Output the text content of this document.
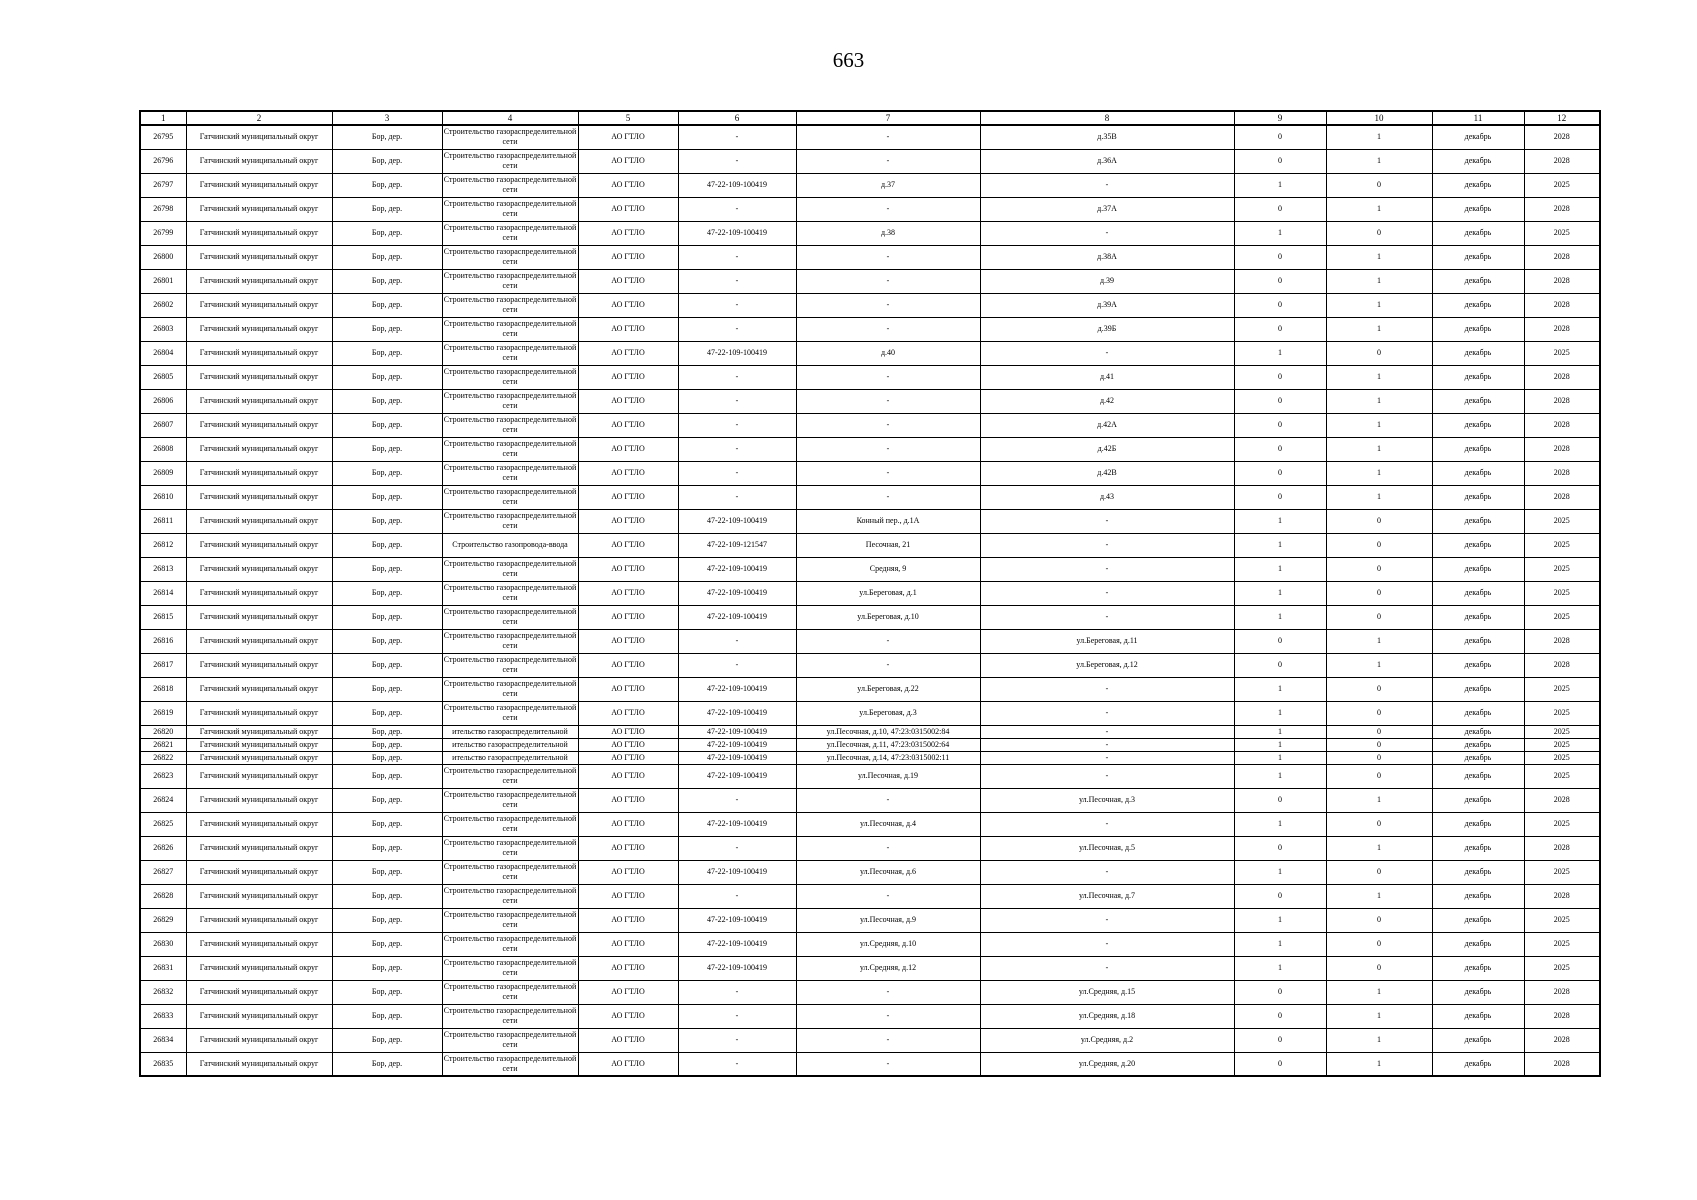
663
1	2	3	4	5	6	7	8	9	10	11	12
26795	Гатчинский муниципальный округ	Бор, дер.	Строительство газораспределительной сети	АО ГТЛО	-	-	д.35В	0	1	декабрь	2028
26796	Гатчинский муниципальный округ	Бор, дер.	Строительство газораспределительной сети	АО ГТЛО	-	-	д.36А	0	1	декабрь	2028
26797	Гатчинский муниципальный округ	Бор, дер.	Строительство газораспределительной сети	АО ГТЛО	47-22-109-100419	д.37	-	1	0	декабрь	2025
26798	Гатчинский муниципальный округ	Бор, дер.	Строительство газораспределительной сети	АО ГТЛО	-	-	д.37А	0	1	декабрь	2028
26799	Гатчинский муниципальный округ	Бор, дер.	Строительство газораспределительной сети	АО ГТЛО	47-22-109-100419	д.38	-	1	0	декабрь	2025
26800	Гатчинский муниципальный округ	Бор, дер.	Строительство газораспределительной сети	АО ГТЛО	-	-	д.38А	0	1	декабрь	2028
26801	Гатчинский муниципальный округ	Бор, дер.	Строительство газораспределительной сети	АО ГТЛО	-	-	д.39	0	1	декабрь	2028
26802	Гатчинский муниципальный округ	Бор, дер.	Строительство газораспределительной сети	АО ГТЛО	-	-	д.39А	0	1	декабрь	2028
26803	Гатчинский муниципальный округ	Бор, дер.	Строительство газораспределительной сети	АО ГТЛО	-	-	д.39Б	0	1	декабрь	2028
26804	Гатчинский муниципальный округ	Бор, дер.	Строительство газораспределительной сети	АО ГТЛО	47-22-109-100419	д.40	-	1	0	декабрь	2025
26805	Гатчинский муниципальный округ	Бор, дер.	Строительство газораспределительной сети	АО ГТЛО	-	-	д.41	0	1	декабрь	2028
26806	Гатчинский муниципальный округ	Бор, дер.	Строительство газораспределительной сети	АО ГТЛО	-	-	д.42	0	1	декабрь	2028
26807	Гатчинский муниципальный округ	Бор, дер.	Строительство газораспределительной сети	АО ГТЛО	-	-	д.42А	0	1	декабрь	2028
26808	Гатчинский муниципальный округ	Бор, дер.	Строительство газораспределительной сети	АО ГТЛО	-	-	д.42Б	0	1	декабрь	2028
26809	Гатчинский муниципальный округ	Бор, дер.	Строительство газораспределительной сети	АО ГТЛО	-	-	д.42В	0	1	декабрь	2028
26810	Гатчинский муниципальный округ	Бор, дер.	Строительство газораспределительной сети	АО ГТЛО	-	-	д.43	0	1	декабрь	2028
26811	Гатчинский муниципальный округ	Бор, дер.	Строительство газораспределительной сети	АО ГТЛО	47-22-109-100419	Конный пер., д.1А	-	1	0	декабрь	2025
26812	Гатчинский муниципальный округ	Бор, дер.	Строительство газопровода-ввода	АО ГТЛО	47-22-109-121547	Песочная, 21	-	1	0	декабрь	2025
26813	Гатчинский муниципальный округ	Бор, дер.	Строительство газораспределительной сети	АО ГТЛО	47-22-109-100419	Средняя, 9	-	1	0	декабрь	2025
26814	Гатчинский муниципальный округ	Бор, дер.	Строительство газораспределительной сети	АО ГТЛО	47-22-109-100419	ул.Береговая, д.1	-	1	0	декабрь	2025
26815	Гатчинский муниципальный округ	Бор, дер.	Строительство газораспределительной сети	АО ГТЛО	47-22-109-100419	ул.Береговая, д.10	-	1	0	декабрь	2025
26816	Гатчинский муниципальный округ	Бор, дер.	Строительство газораспределительной сети	АО ГТЛО	-	-	ул.Береговая, д.11	0	1	декабрь	2028
26817	Гатчинский муниципальный округ	Бор, дер.	Строительство газораспределительной сети	АО ГТЛО	-	-	ул.Береговая, д.12	0	1	декабрь	2028
26818	Гатчинский муниципальный округ	Бор, дер.	Строительство газораспределительной сети	АО ГТЛО	47-22-109-100419	ул.Береговая, д.22	-	1	0	декабрь	2025
26819	Гатчинский муниципальный округ	Бор, дер.	Строительство газораспределительной сети	АО ГТЛО	47-22-109-100419	ул.Береговая, д.3	-	1	0	декабрь	2025
26820	Гатчинский муниципальный округ	Бор, дер.	ительство газораспределительной	АО ГТЛО	47-22-109-100419	ул.Песочная, д.10, 47:23:0315002:84	-	1	0	декабрь	2025
26821	Гатчинский муниципальный округ	Бор, дер.	ительство газораспределительной	АО ГТЛО	47-22-109-100419	ул.Песочная, д.11, 47:23:0315002:64	-	1	0	декабрь	2025
26822	Гатчинский муниципальный округ	Бор, дер.	ительство газораспределительной	АО ГТЛО	47-22-109-100419	ул.Песочная, д.14, 47:23:0315002:11	-	1	0	декабрь	2025
26823	Гатчинский муниципальный округ	Бор, дер.	Строительство газораспределительной сети	АО ГТЛО	47-22-109-100419	ул.Песочная, д.19	-	1	0	декабрь	2025
26824	Гатчинский муниципальный округ	Бор, дер.	Строительство газораспределительной сети	АО ГТЛО	-	-	ул.Песочная, д.3	0	1	декабрь	2028
26825	Гатчинский муниципальный округ	Бор, дер.	Строительство газораспределительной сети	АО ГТЛО	47-22-109-100419	ул.Песочная, д.4	-	1	0	декабрь	2025
26826	Гатчинский муниципальный округ	Бор, дер.	Строительство газораспределительной сети	АО ГТЛО	-	-	ул.Песочная, д.5	0	1	декабрь	2028
26827	Гатчинский муниципальный округ	Бор, дер.	Строительство газораспределительной сети	АО ГТЛО	47-22-109-100419	ул.Песочная, д.6	-	1	0	декабрь	2025
26828	Гатчинский муниципальный округ	Бор, дер.	Строительство газораспределительной сети	АО ГТЛО	-	-	ул.Песочная, д.7	0	1	декабрь	2028
26829	Гатчинский муниципальный округ	Бор, дер.	Строительство газораспределительной сети	АО ГТЛО	47-22-109-100419	ул.Песочная, д.9	-	1	0	декабрь	2025
26830	Гатчинский муниципальный округ	Бор, дер.	Строительство газораспределительной сети	АО ГТЛО	47-22-109-100419	ул.Средняя, д.10	-	1	0	декабрь	2025
26831	Гатчинский муниципальный округ	Бор, дер.	Строительство газораспределительной сети	АО ГТЛО	47-22-109-100419	ул.Средняя, д.12	-	1	0	декабрь	2025
26832	Гатчинский муниципальный округ	Бор, дер.	Строительство газораспределительной сети	АО ГТЛО	-	-	ул.Средняя, д.15	0	1	декабрь	2028
26833	Гатчинский муниципальный округ	Бор, дер.	Строительство газораспределительной сети	АО ГТЛО	-	-	ул.Средняя, д.18	0	1	декабрь	2028
26834	Гатчинский муниципальный округ	Бор, дер.	Строительство газораспределительной сети	АО ГТЛО	-	-	ул.Средняя, д.2	0	1	декабрь	2028
26835	Гатчинский муниципальный округ	Бор, дер.	Строительство газораспределительной сети	АО ГТЛО	-	-	ул.Средняя, д.20	0	1	декабрь	2028
